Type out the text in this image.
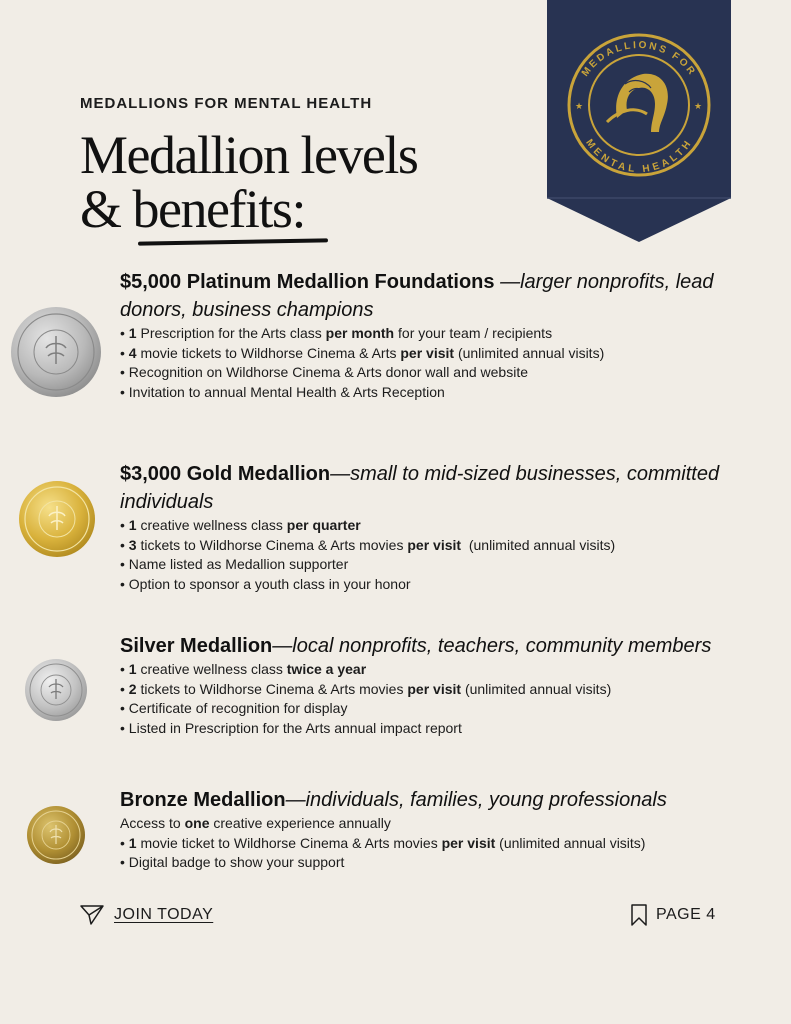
MEDALLIONS FOR MENTAL HEALTH
Medallion levels
& benefits:
MEDALLIONS FOR
MENTAL HEALTH
★	★
$5,000 Platinum Medallion Foundations —larger nonprofits, lead donors, business champions
• 1 Prescription for the Arts class per month for your team / recipients
• 4 movie tickets to Wildhorse Cinema & Arts per visit (unlimited annual visits)
• Recognition on Wildhorse Cinema & Arts donor wall and website
• Invitation to annual Mental Health & Arts Reception
$3,000 Gold Medallion—small to mid-sized businesses, committed individuals
• 1 creative wellness class per quarter
• 3 tickets to Wildhorse Cinema & Arts movies per visit  (unlimited annual visits)
• Name listed as Medallion supporter
• Option to sponsor a youth class in your honor
Silver Medallion—local nonprofits, teachers, community members
• 1 creative wellness class twice a year
• 2 tickets to Wildhorse Cinema & Arts movies per visit (unlimited annual visits)
• Certificate of recognition for display
• Listed in Prescription for the Arts annual impact report
Bronze Medallion—individuals, families, young professionals
Access to one creative experience annually
• 1 movie ticket to Wildhorse Cinema & Arts movies per visit (unlimited annual visits)
• Digital badge to show your support
JOIN TODAY	PAGE 4
